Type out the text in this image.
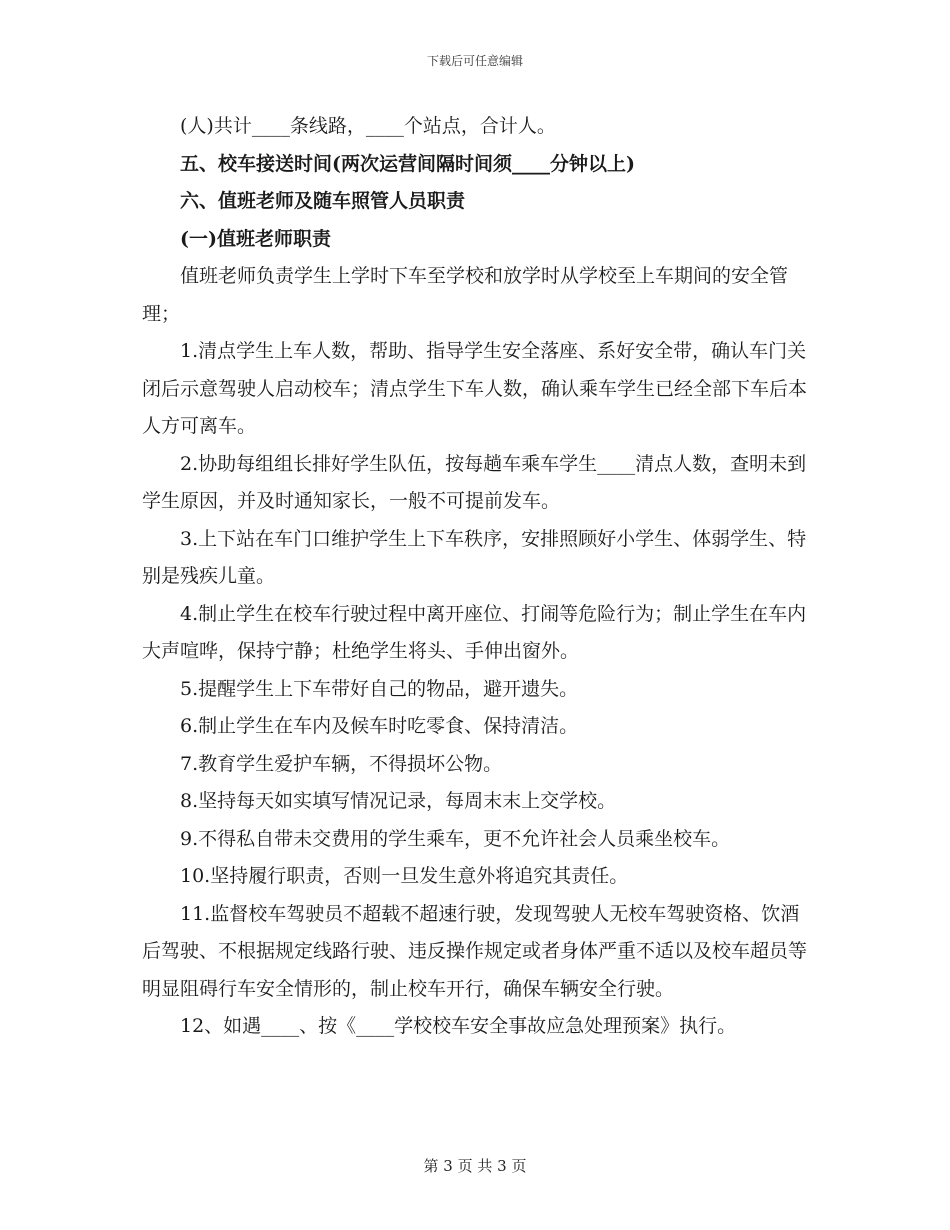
下载后可任意编辑

(人)共计____条线路，____个站点，合计人。

五、校车接送时间(两次运营间隔时间须____分钟以上)

六、值班老师及随车照管人员职责

(一)值班老师职责

值班老师负责学生上学时下车至学校和放学时从学校至上车期间的安全管理；

1.清点学生上车人数，帮助、指导学生安全落座、系好安全带，确认车门关闭后示意驾驶人启动校车；清点学生下车人数，确认乘车学生已经全部下车后本人方可离车。

2.协助每组组长排好学生队伍，按每趟车乘车学生____清点人数，查明未到学生原因，并及时通知家长，一般不可提前发车。

3.上下站在车门口维护学生上下车秩序，安排照顾好小学生、体弱学生、特别是残疾儿童。

4.制止学生在校车行驶过程中离开座位、打闹等危险行为；制止学生在车内大声喧哗，保持宁静；杜绝学生将头、手伸出窗外。

5.提醒学生上下车带好自己的物品，避开遗失。

6.制止学生在车内及候车时吃零食、保持清洁。

7.教育学生爱护车辆，不得损坏公物。

8.坚持每天如实填写情况记录，每周末末上交学校。

9.不得私自带未交费用的学生乘车，更不允许社会人员乘坐校车。

10.坚持履行职责，否则一旦发生意外将追究其责任。

11.监督校车驾驶员不超载不超速行驶，发现驾驶人无校车驾驶资格、饮酒后驾驶、不根据规定线路行驶、违反操作规定或者身体严重不适以及校车超员等明显阻碍行车安全情形的，制止校车开行，确保车辆安全行驶。

12、如遇____、按《____学校校车安全事故应急处理预案》执行。

第 3 页 共 3 页
